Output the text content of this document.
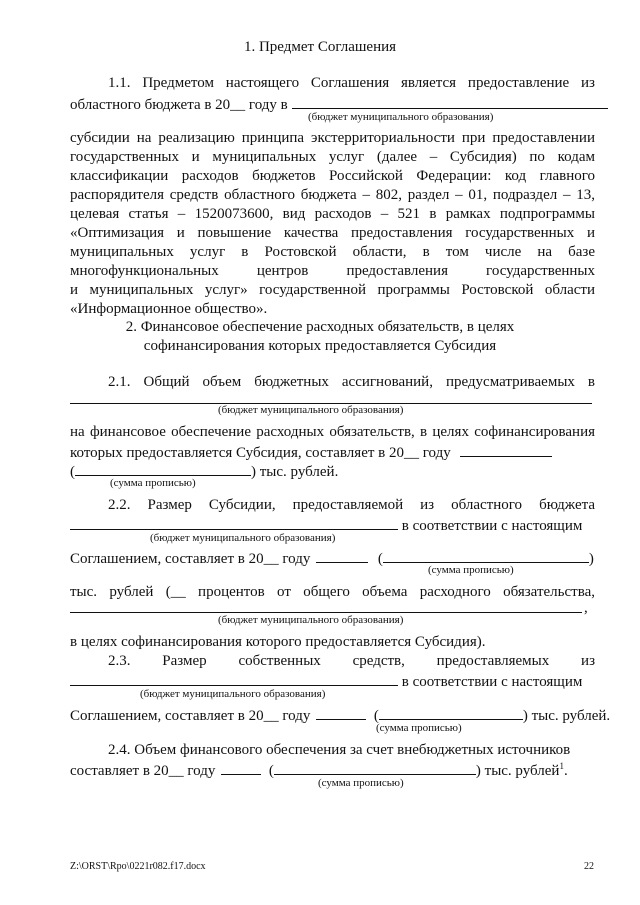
1. Предмет Соглашения
1.1. Предметом настоящего Соглашения является предоставление из
областного бюджета в 20__ году в
(бюджет муниципального образования)
субсидии на реализацию принципа экстерриториальности при предоставлении
государственных и муниципальных услуг (далее – Субсидия) по кодам
классификации расходов бюджетов Российской Федерации: код главного
распорядителя средств областного бюджета – 802, раздел – 01, подраздел – 13,
целевая статья – 1520073600, вид расходов – 521 в рамках подпрограммы
«Оптимизация и повышение качества предоставления государственных и
муниципальных услуг в Ростовской области, в том числе на базе
многофункциональных центров предоставления государственных
и муниципальных услуг» государственной программы Ростовской области
«Информационное общество».
2. Финансовое обеспечение расходных обязательств, в целях
софинансирования которых предоставляется Субсидия
2.1. Общий объем бюджетных ассигнований, предусматриваемых в
(бюджет муниципального образования)
на финансовое обеспечение расходных обязательств, в целях софинансирования
которых предоставляется Субсидия, составляет в 20__ году
(	) тыс. рублей.
(сумма прописью)
2.2. Размер Субсидии, предоставляемой из областного бюджета
в соответствии с настоящим
(бюджет муниципального образования)
Соглашением, составляет в 20__ году	(	)
(сумма прописью)
тыс. рублей (__ процентов от общего объема расходного обязательства,
,
(бюджет муниципального образования)
в целях софинансирования которого предоставляется Субсидия).
2.3. Размер собственных средств, предоставляемых из
в соответствии с настоящим
(бюджет муниципального образования)
Соглашением, составляет в 20__ году	(	) тыс. рублей.
(сумма прописью)
2.4. Объем финансового обеспечения за счет внебюджетных источников
составляет в 20__ году	(	) тыс. рублей$^1$.
(сумма прописью)
Z:\ORST\Rpo\0221r082.f17.docx	22
